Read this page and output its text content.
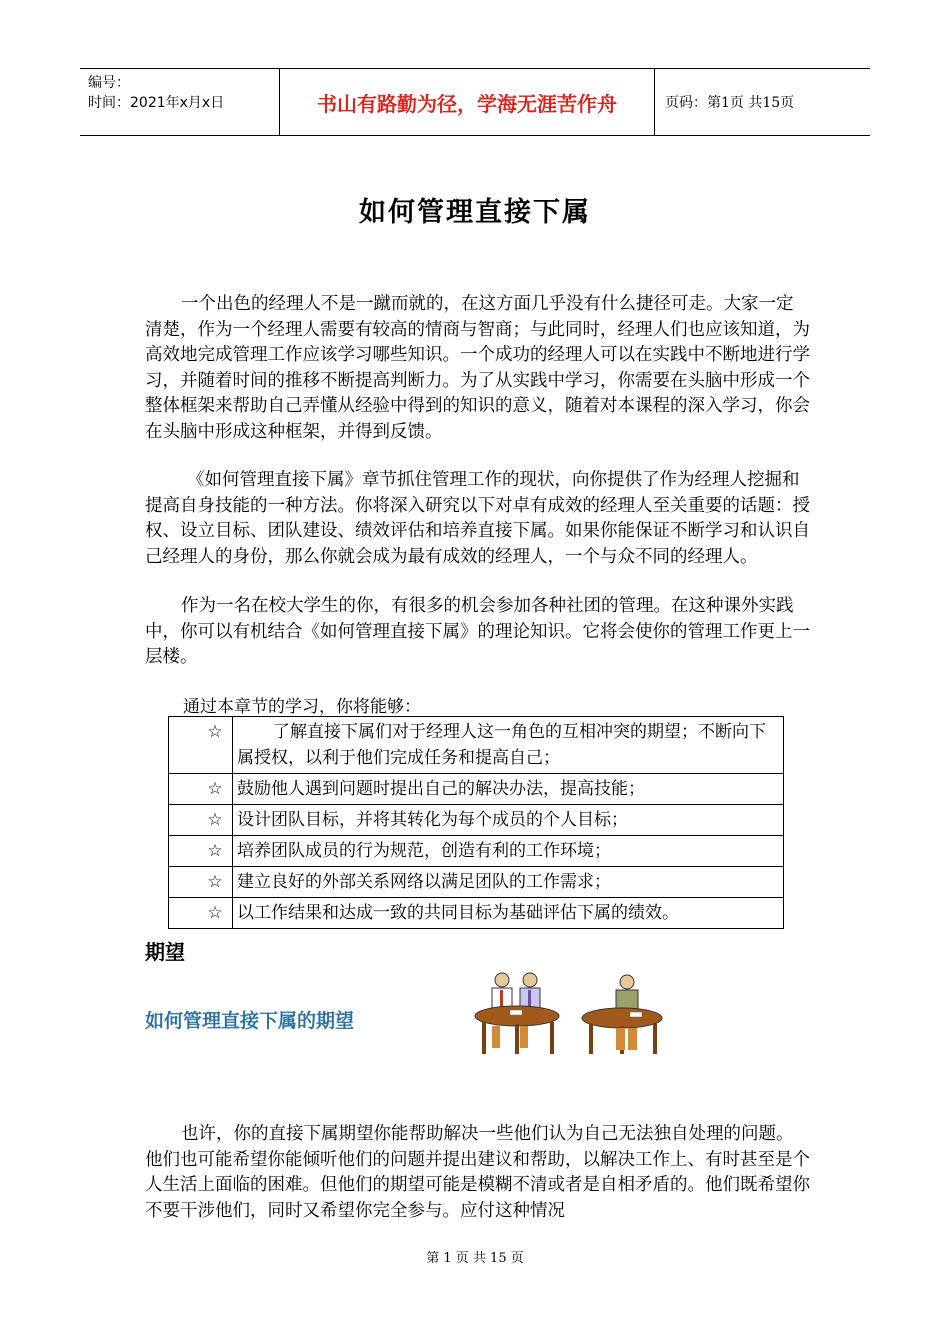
编号：
时间：2021年x月x日	书山有路勤为径，学海无涯苦作舟	页码：第1页 共15页
如何管理直接下属

一个出色的经理人不是一蹴而就的，在这方面几乎没有什么捷径可走。大家一定清楚，作为一个经理人需要有较高的情商与智商；与此同时，经理人们也应该知道，为高效地完成管理工作应该学习哪些知识。一个成功的经理人可以在实践中不断地进行学习，并随着时间的推移不断提高判断力。为了从实践中学习，你需要在头脑中形成一个整体框架来帮助自己弄懂从经验中得到的知识的意义，随着对本课程的深入学习，你会在头脑中形成这种框架，并得到反馈。

《如何管理直接下属》章节抓住管理工作的现状，向你提供了作为经理人挖掘和提高自身技能的一种方法。你将深入研究以下对卓有成效的经理人至关重要的话题：授权、设立目标、团队建设、绩效评估和培养直接下属。如果你能保证不断学习和认识自己经理人的身份，那么你就会成为最有成效的经理人，一个与众不同的经理人。

作为一名在校大学生的你，有很多的机会参加各种社团的管理。在这种课外实践中，你可以有机结合《如何管理直接下属》的理论知识。它将会使你的管理工作更上一层楼。

通过本章节的学习，你将能够：
☆	了解直接下属们对于经理人这一角色的互相冲突的期望；不断向下属授权，以利于他们完成任务和提高自己；
☆	鼓励他人遇到问题时提出自己的解决办法，提高技能；
☆	设计团队目标，并将其转化为每个成员的个人目标；
☆	培养团队成员的行为规范，创造有利的工作环境；
☆	建立良好的外部关系网络以满足团队的工作需求；
☆	以工作结果和达成一致的共同目标为基础评估下属的绩效。
期望
如何管理直接下属的期望

也许，你的直接下属期望你能帮助解决一些他们认为自己无法独自处理的问题。他们也可能希望你能倾听他们的问题并提出建议和帮助，以解决工作上、有时甚至是个人生活上面临的困难。但他们的期望可能是模糊不清或者是自相矛盾的。他们既希望你不要干涉他们，同时又希望你完全参与。应付这种情况

第 1 页 共 15 页
